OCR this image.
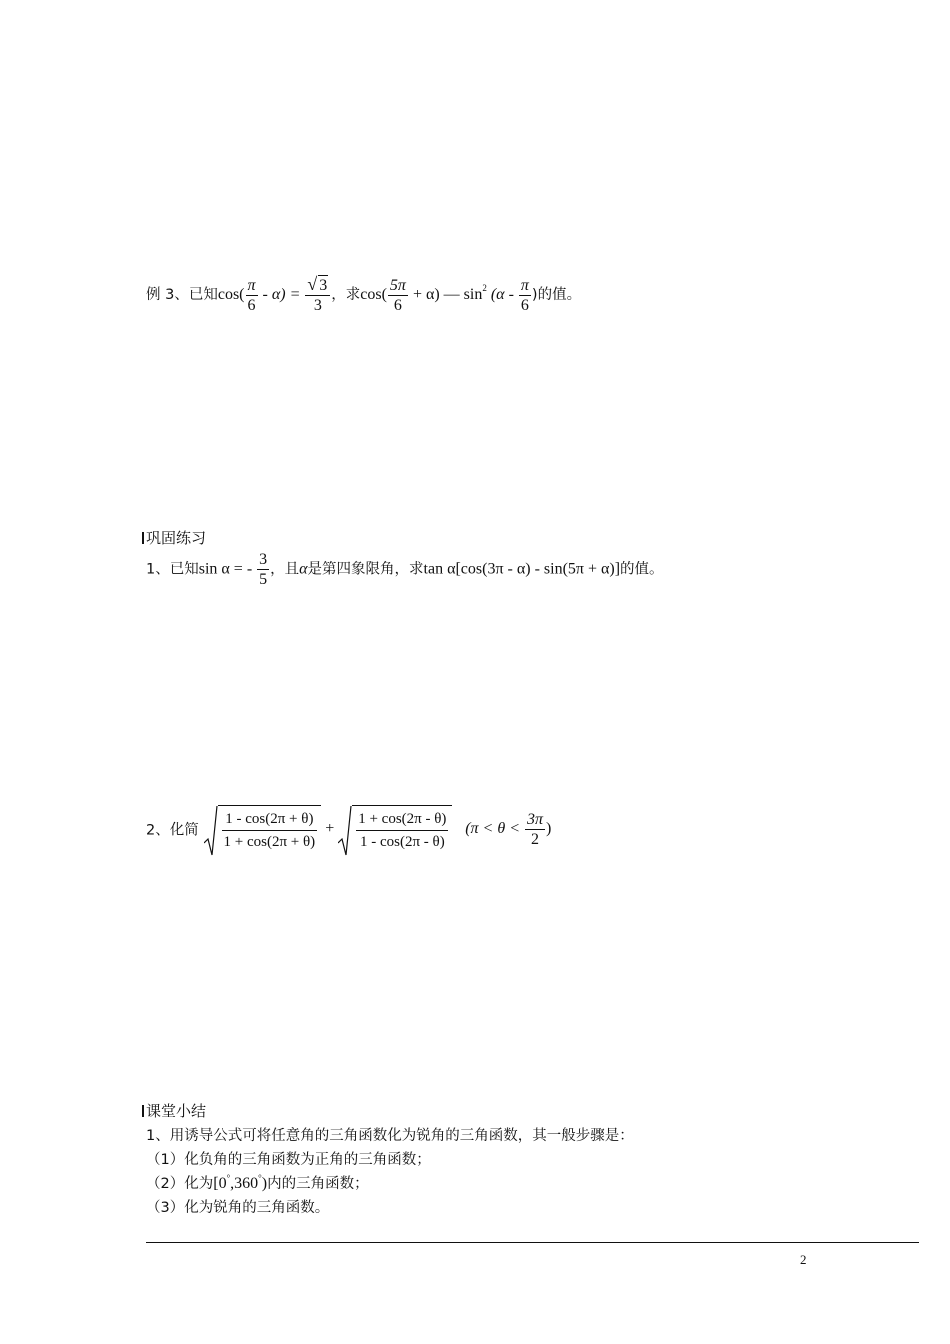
例 3、已知$\cos( \frac{\pi}{6} - \alpha) = \frac{√ 3}{3}$ ，求$\cos( \frac{5\pi}{6} + \alpha)$ — $\sin^2 (\alpha - \frac{\pi}{6}$ )的值。
巩固练习
1、已知sin α = - $\frac{3}{5}$ ，且α是第四象限角，求tan α[cos(3π - α) - sin(5π + α)]的值。
2、化简 $\frac{1 - \cos(2\pi + \theta)}{1 + \cos(2\pi + \theta)} + \frac{1 + \cos(2\pi - \theta)}{1 - \cos(2\pi - \theta)} (\pi < \theta < \frac{3\pi}{2}$ )
课堂小结
1、用诱导公式可将任意角的三角函数化为锐角的三角函数，其一般步骤是：
（1）化负角的三角函数为正角的三角函数；
（2）化为[0°,360°)内的三角函数；
（3）化为锐角的三角函数。
2
